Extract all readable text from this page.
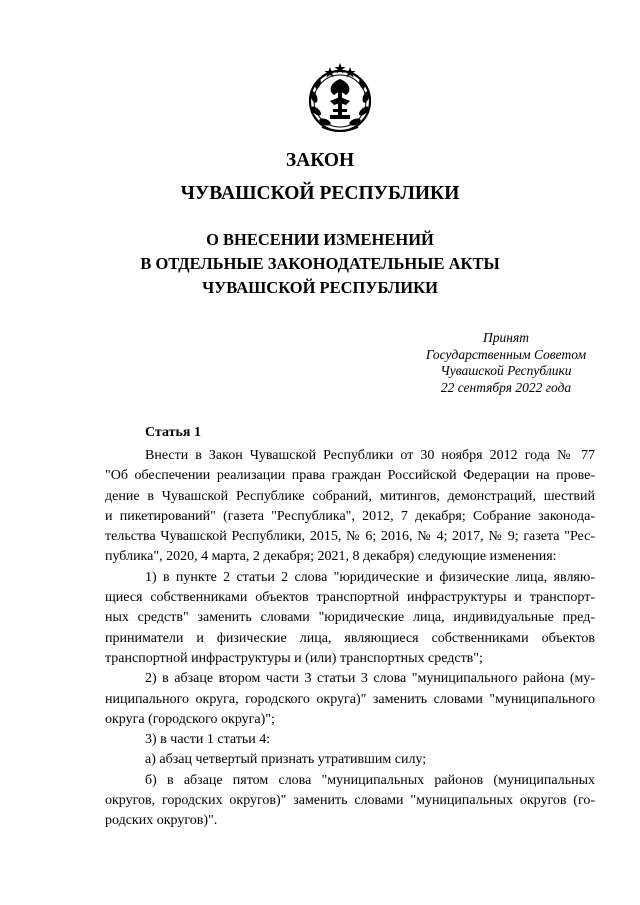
ЗАКОН
ЧУВАШСКОЙ РЕСПУБЛИКИ
О ВНЕСЕНИИ ИЗМЕНЕНИЙ
В ОТДЕЛЬНЫЕ ЗАКОНОДАТЕЛЬНЫЕ АКТЫ
ЧУВАШСКОЙ РЕСПУБЛИКИ
Принят
Государственным Советом
Чувашской Республики
22 сентября 2022 года
Статья 1
Внести в Закон Чувашской Республики от 30 ноября 2012 года № 77
"Об обеспечении реализации права граждан Российской Федерации на прове-
дение в Чувашской Республике собраний, митингов, демонстраций, шествий
и пикетирований" (газета "Республика", 2012, 7 декабря; Собрание законода-
тельства Чувашской Республики, 2015, № 6; 2016, № 4; 2017, № 9; газета "Рес-
публика", 2020, 4 марта, 2 декабря; 2021, 8 декабря) следующие изменения:
1) в пункте 2 статьи 2 слова "юридические и физические лица, являю-
щиеся собственниками объектов транспортной инфраструктуры и транспорт-
ных средств" заменить словами "юридические лица, индивидуальные пред-
приниматели и физические лица, являющиеся собственниками объектов
транспортной инфраструктуры и (или) транспортных средств";
2) в абзаце втором части 3 статьи 3 слова "муниципального района (му-
ниципального округа, городского округа)" заменить словами "муниципального
округа (городского округа)";
3) в части 1 статьи 4:
а) абзац четвертый признать утратившим силу;
б) в абзаце пятом слова "муниципальных районов (муниципальных
округов, городских округов)" заменить словами "муниципальных округов (го-
родских округов)".
